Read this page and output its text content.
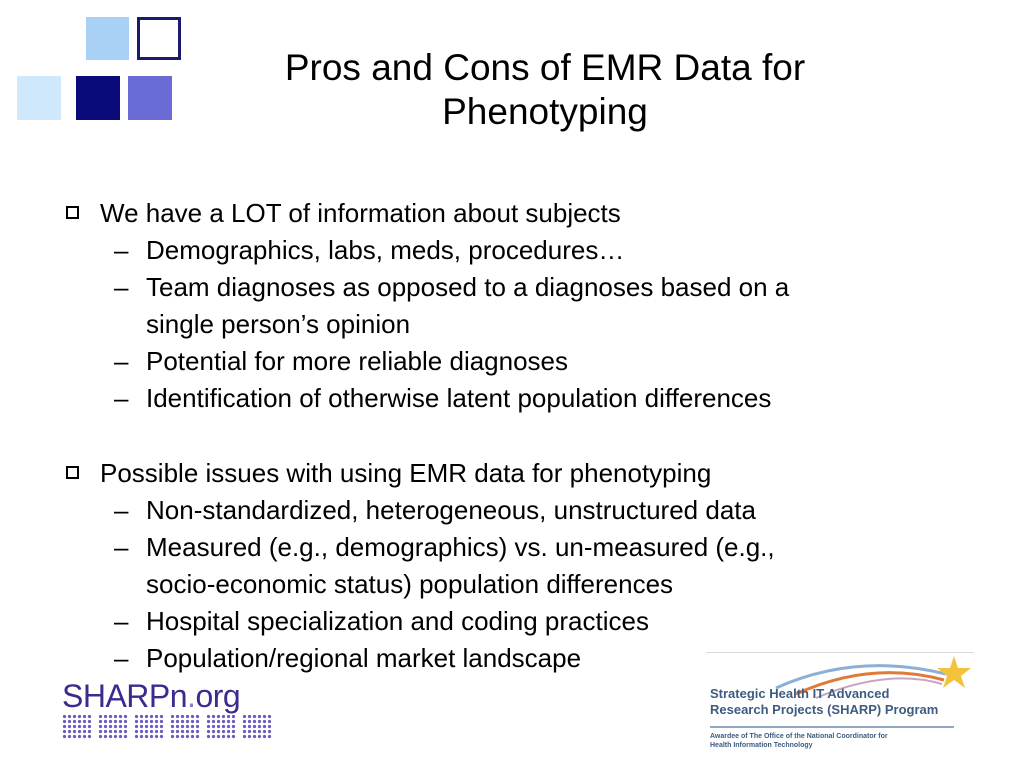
Pros and Cons of EMR Data for Phenotyping
We have a LOT of information about subjects
– Demographics, labs, meds, procedures…
– Team diagnoses as opposed to a diagnoses based on a
single person’s opinion
– Potential for more reliable diagnoses
– Identification of otherwise latent population differences
Possible issues with using EMR data for phenotyping
– Non-standardized, heterogeneous, unstructured data
– Measured (e.g., demographics) vs. un-measured (e.g.,
socio-economic status) population differences
– Hospital specialization and coding practices
– Population/regional market landscape
SHARPn.org	Strategic Health IT Advanced
Research Projects (SHARP) Program
Awardee of The Office of the National Coordinator for
Health Information Technology
